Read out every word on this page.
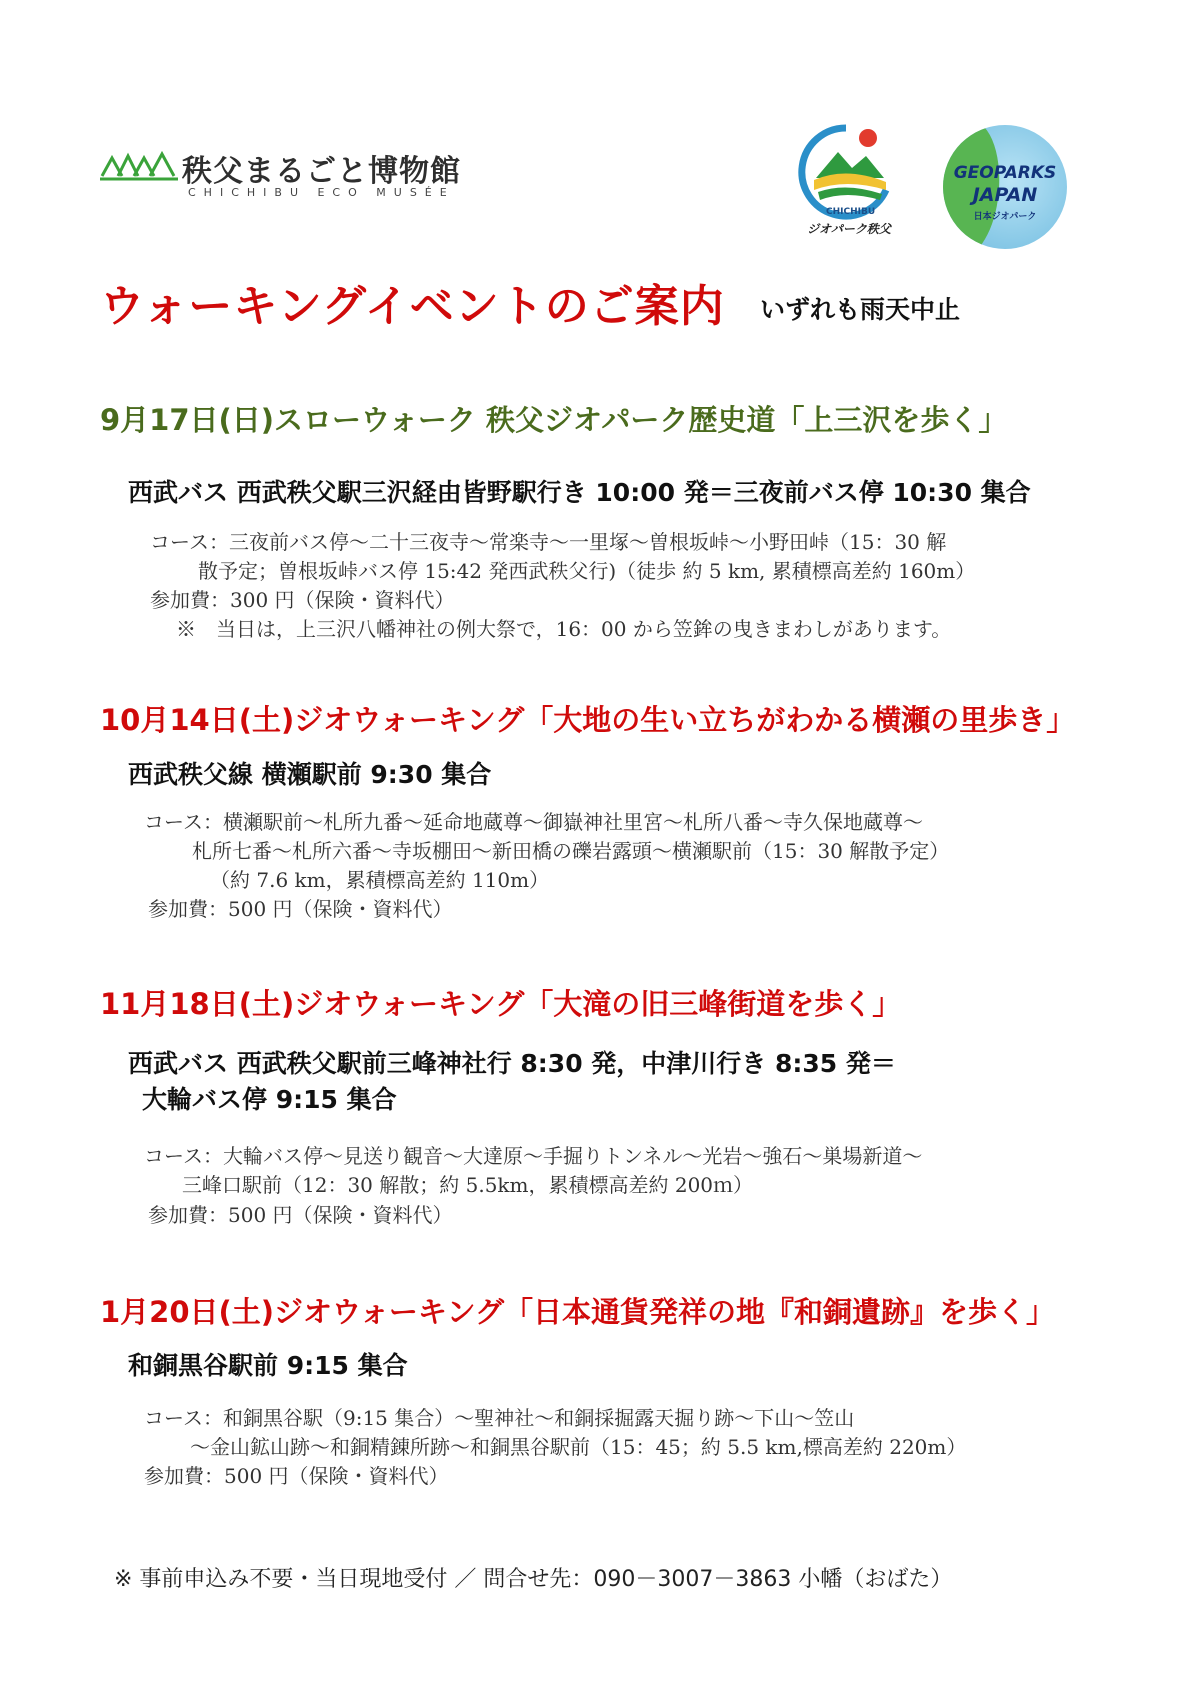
秩父まるごと博物館
CHICHIBU ECO MUSÉE
CHICHIBU
ジオパーク秩父
GEOPARKS
JAPAN
日本ジオパーク
ウォーキングイベントのご案内 いずれも雨天中止
9月17日(日)スローウォーク 秩父ジオパーク歴史道「上三沢を歩く」
西武バス 西武秩父駅三沢経由皆野駅行き 10:00 発＝三夜前バス停 10:30 集合
コース：三夜前バス停～二十三夜寺～常楽寺～一里塚～曽根坂峠～小野田峠（15：30 解
散予定；曽根坂峠バス停 15:42 発西武秩父行)（徒歩 約 5 km, 累積標高差約 160m）
参加費：300 円（保険・資料代）
※　当日は，上三沢八幡神社の例大祭で，16：00 から笠鉾の曳きまわしがあります。
10月14日(土)ジオウォーキング「大地の生い立ちがわかる横瀬の里歩き」
西武秩父線 横瀬駅前 9:30 集合
コース：横瀬駅前～札所九番～延命地蔵尊～御嶽神社里宮～札所八番～寺久保地蔵尊～
札所七番～札所六番～寺坂棚田～新田橋の礫岩露頭～横瀬駅前（15：30 解散予定）
（約 7.6 km，累積標高差約 110m）
参加費：500 円（保険・資料代）
11月18日(土)ジオウォーキング「大滝の旧三峰街道を歩く」
西武バス 西武秩父駅前三峰神社行 8:30 発，中津川行き 8:35 発＝
大輪バス停 9:15 集合
コース：大輪バス停～見送り観音～大達原～手掘りトンネル～光岩～強石～巣場新道～
三峰口駅前（12：30 解散；約 5.5km，累積標高差約 200ｍ）
参加費：500 円（保険・資料代）
1月20日(土)ジオウォーキング「日本通貨発祥の地『和銅遺跡』を歩く」
和銅黒谷駅前 9:15 集合
コース：和銅黒谷駅（9:15 集合）～聖神社～和銅採掘露天掘り跡～下山～笠山
～金山鉱山跡～和銅精錬所跡～和銅黒谷駅前（15：45；約 5.5 km,標高差約 220m）
参加費：500 円（保険・資料代）
※ 事前申込み不要・当日現地受付 ／ 問合せ先：090－3007－3863 小幡（おばた）
